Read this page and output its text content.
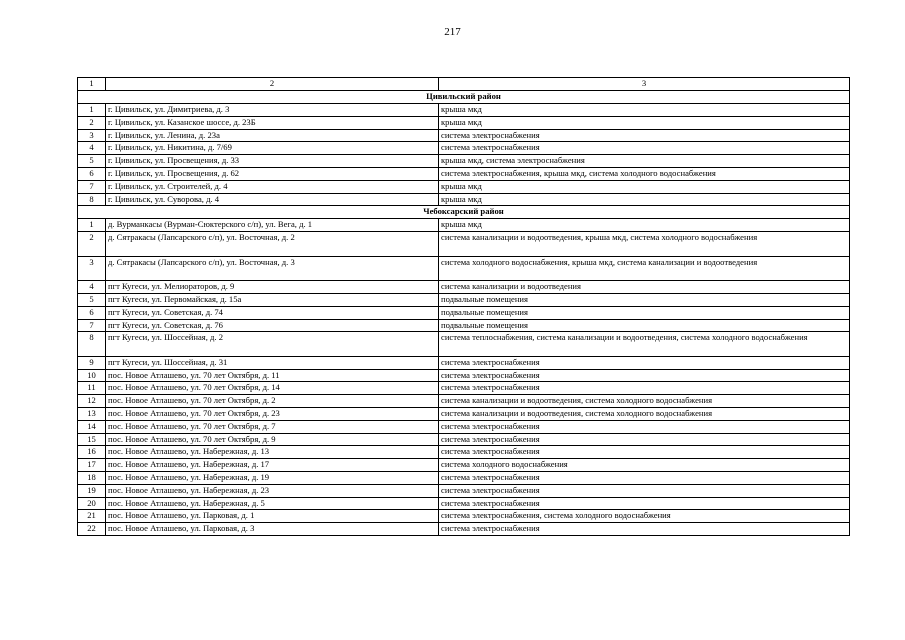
217
1	2	3
Цивильский район		
1	г. Цивильск, ул. Димитриева, д. 3	крыша мкд
2	г. Цивильск, ул. Казанское шоссе, д. 23Б	крыша мкд
3	г. Цивильск, ул. Ленина, д. 23а	система электроснабжения
4	г. Цивильск, ул. Никитина, д. 7/69	система электроснабжения
5	г. Цивильск, ул. Просвещения, д. 33	крыша мкд, система электроснабжения
6	г. Цивильск, ул. Просвещения, д. 62	система электроснабжения, крыша мкд, система холодного водоснабжения
7	г. Цивильск, ул. Строителей, д. 4	крыша мкд
8	г. Цивильск, ул. Суворова, д. 4	крыша мкд
Чебоксарский район		
1	д. Вурманкасы (Вурман-Сюктерского с/п), ул. Вега, д. 1	крыша мкд
2	д. Сятракасы (Лапсарского с/п), ул. Восточная, д. 2	система канализации и водоотведения, крыша мкд, система холодного водоснабжения
3	д. Сятракасы (Лапсарского с/п), ул. Восточная, д. 3	система холодного водоснабжения, крыша мкд, система канализации и водоотведения
4	пгт Кугеси, ул. Мелиораторов, д. 9	система канализации и водоотведения
5	пгт Кугеси, ул. Первомайская, д. 15а	подвальные помещения
6	пгт Кугеси, ул. Советская, д. 74	подвальные помещения
7	пгт Кугеси, ул. Советская, д. 76	подвальные помещения
8	пгт Кугеси, ул. Шоссейная, д. 2	система теплоснабжения, система канализации и водоотведения, система холодного водоснабжения
9	пгт Кугеси, ул. Шоссейная, д. 31	система электроснабжения
10	пос. Новое Атлашево, ул. 70 лет Октября, д. 11	система электроснабжения
11	пос. Новое Атлашево, ул. 70 лет Октября, д. 14	система электроснабжения
12	пос. Новое Атлашево, ул. 70 лет Октября, д. 2	система канализации и водоотведения, система холодного водоснабжения
13	пос. Новое Атлашево, ул. 70 лет Октября, д. 23	система канализации и водоотведения, система холодного водоснабжения
14	пос. Новое Атлашево, ул. 70 лет Октября, д. 7	система электроснабжения
15	пос. Новое Атлашево, ул. 70 лет Октября, д. 9	система электроснабжения
16	пос. Новое Атлашево, ул. Набережная, д. 13	система электроснабжения
17	пос. Новое Атлашево, ул. Набережная, д. 17	система холодного водоснабжения
18	пос. Новое Атлашево, ул. Набережная, д. 19	система электроснабжения
19	пос. Новое Атлашево, ул. Набережная, д. 23	система электроснабжения
20	пос. Новое Атлашево, ул. Набережная, д. 5	система электроснабжения
21	пос. Новое Атлашево, ул. Парковая, д. 1	система электроснабжения, система холодного водоснабжения
22	пос. Новое Атлашево, ул. Парковая, д. 3	система электроснабжения
